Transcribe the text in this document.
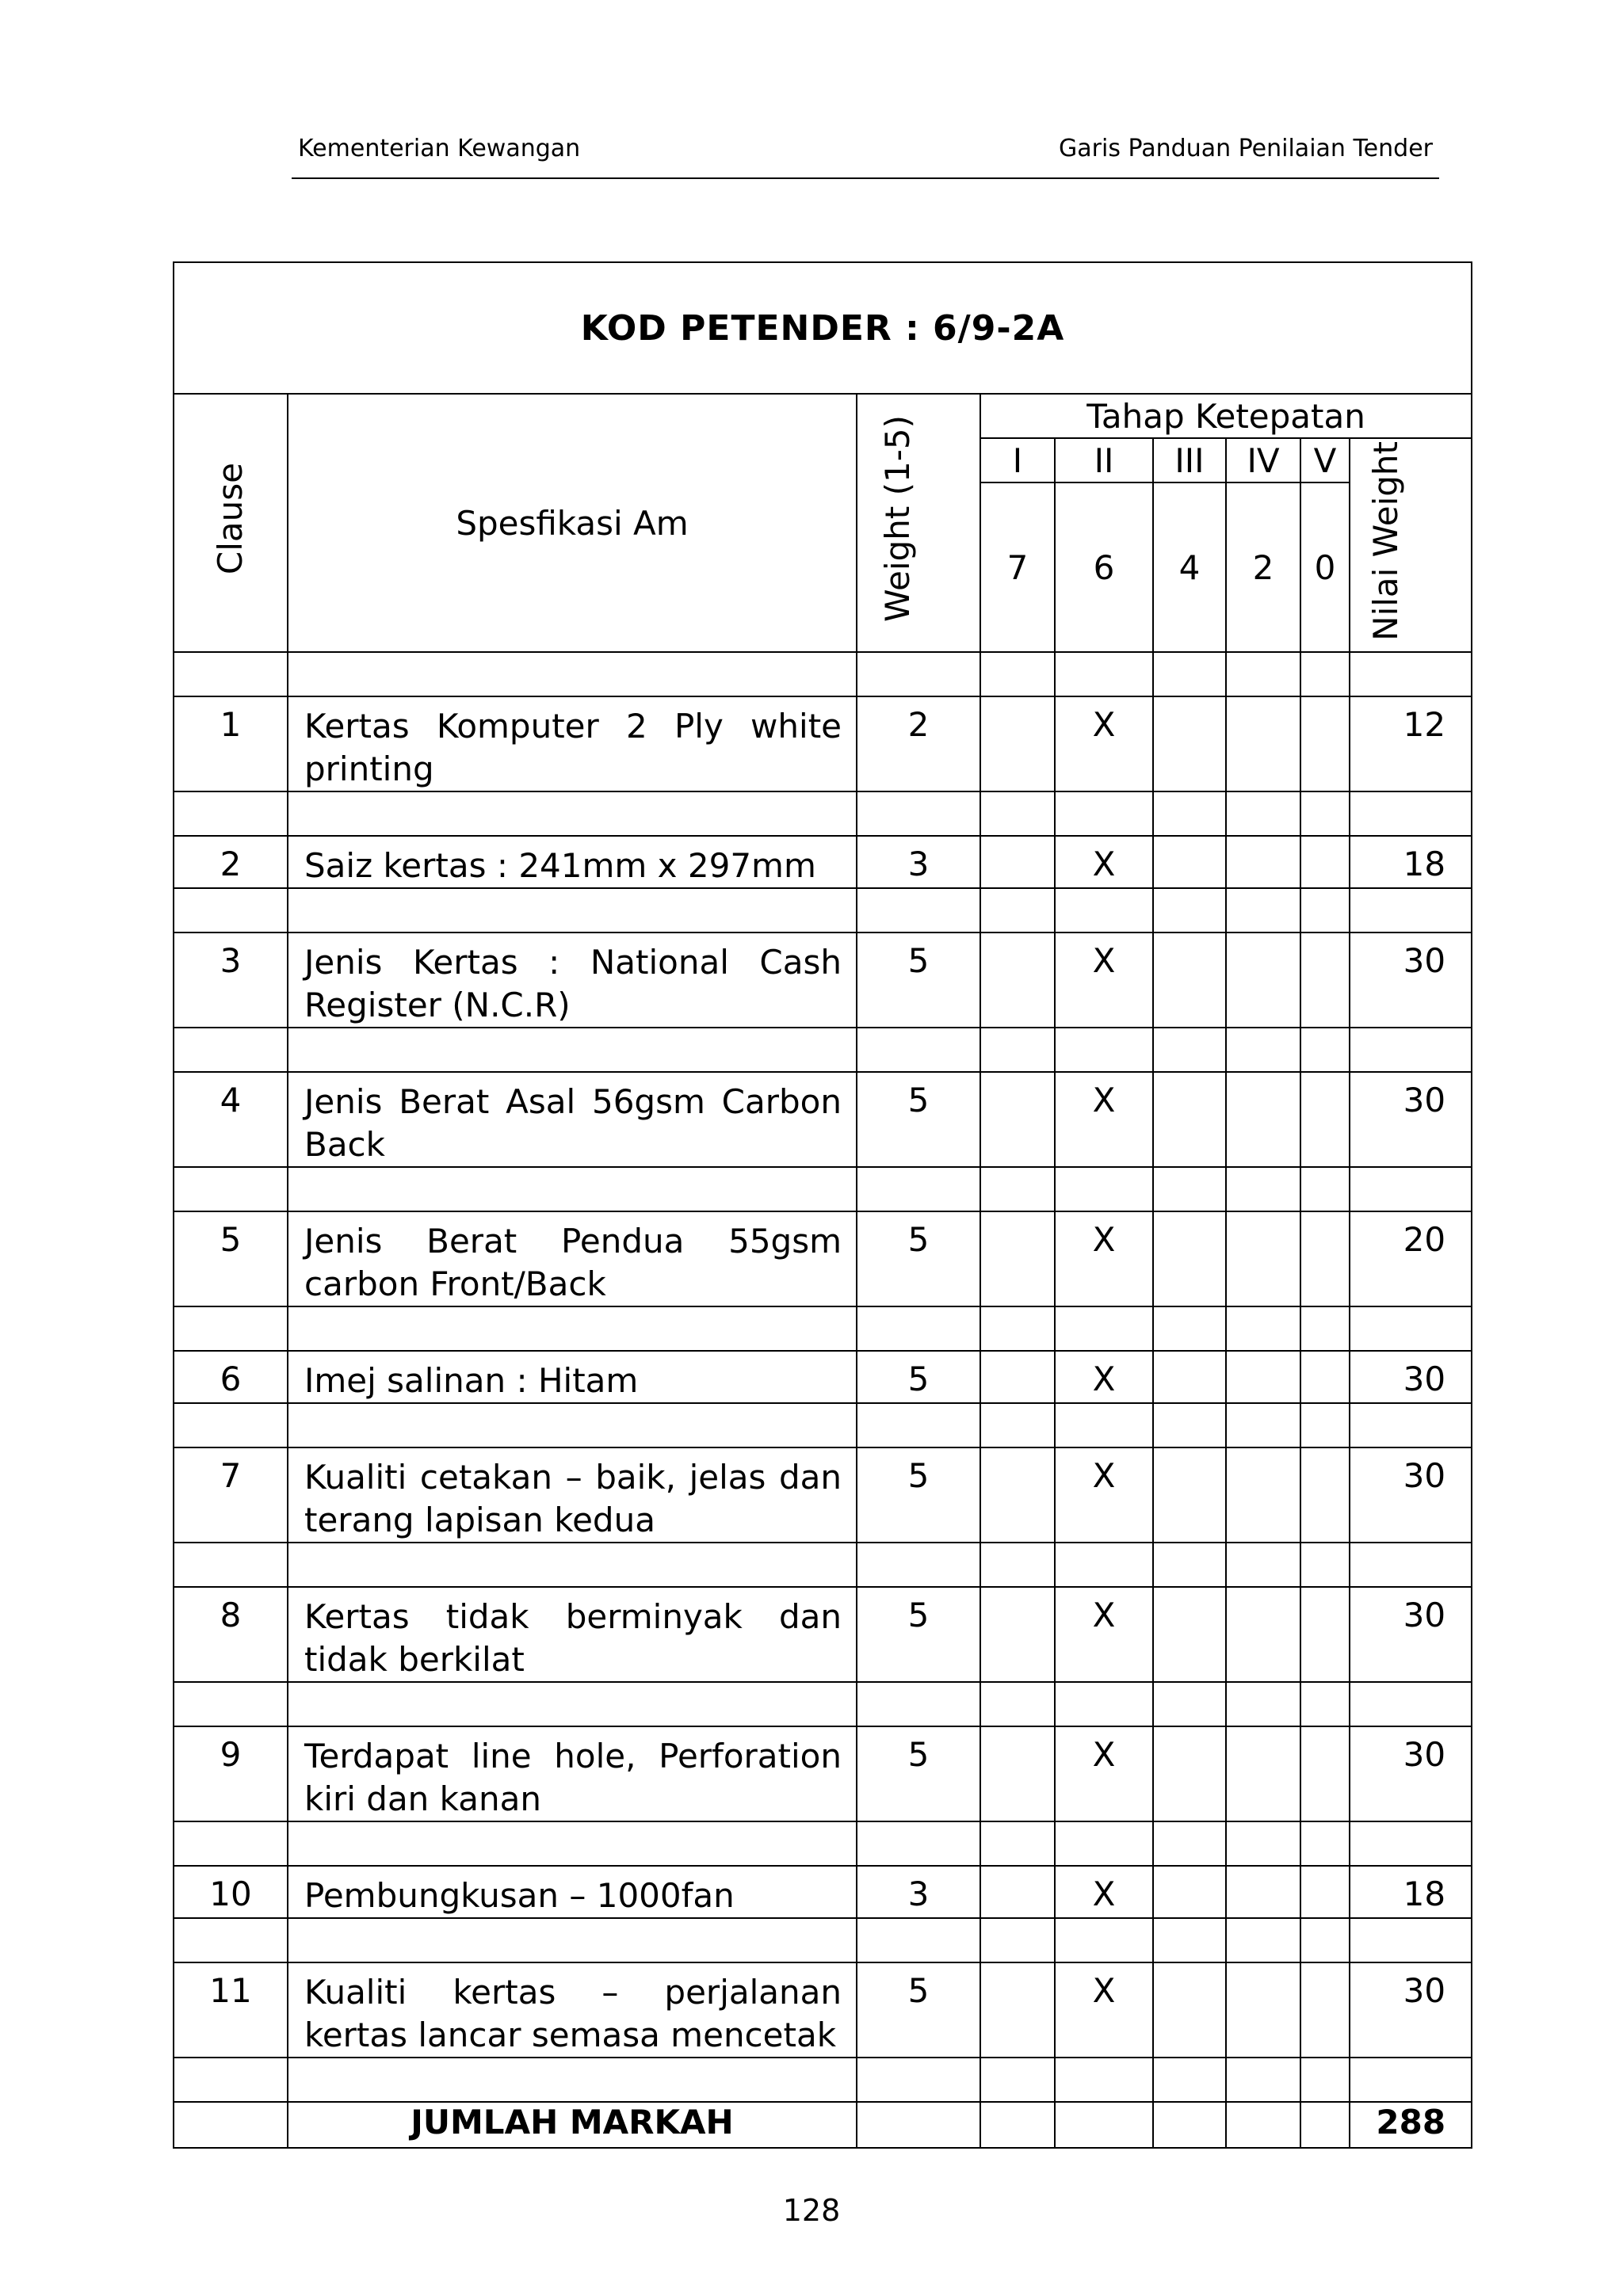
Kementerian Kewangan	Garis Panduan Penilaian Tender
KOD PETENDER : 6/9-2A								
Clause	Spesfikasi Am	Weight (1-5)	Tahap Ketepatan					
			I	II	III	IV	V	Nilai Weight
			7	6	4	2	0	

1	Kertas Komputer 2 Ply white printing	2		X				12

2	Saiz kertas : 241mm x 297mm	3		X				18

3	Jenis Kertas : National Cash Register (N.C.R)	5		X				30

4	Jenis Berat Asal 56gsm Carbon Back	5		X				30

5	Jenis Berat Pendua 55gsm carbon Front/Back	5		X				20

6	Imej salinan : Hitam	5		X				30

7	Kualiti cetakan – baik, jelas dan terang lapisan kedua	5		X				30

8	Kertas tidak berminyak dan tidak berkilat	5		X				30

9	Terdapat line hole, Perforation kiri dan kanan	5		X				30

10	Pembungkusan – 1000fan	3		X				18

11	Kualiti kertas – perjalanan kertas lancar semasa mencetak	5		X				30

	JUMLAH MARKAH							288
128
